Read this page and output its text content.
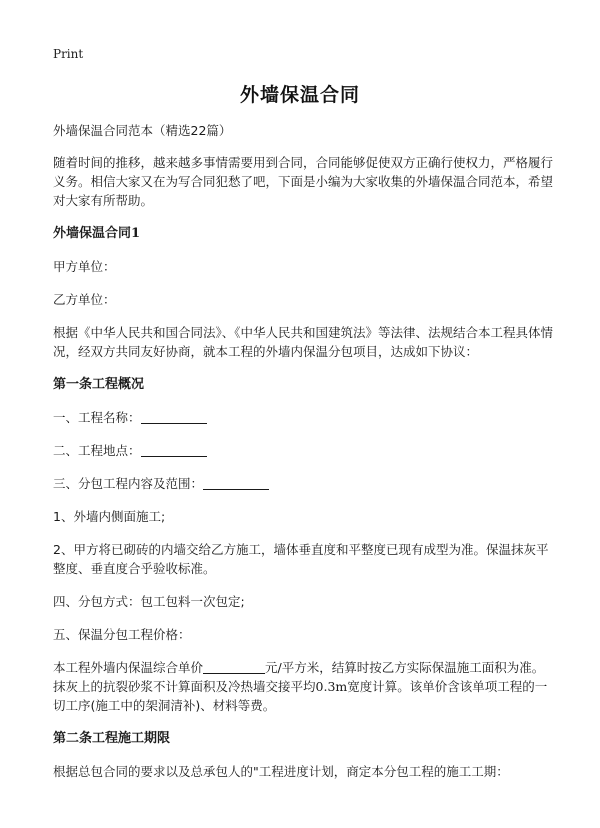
Print
外墙保温合同

外墙保温合同范本（精选22篇）

随着时间的推移，越来越多事情需要用到合同，合同能够促使双方正确行使权力，严格履行义务。相信大家又在为写合同犯愁了吧，下面是小编为大家收集的外墙保温合同范本，希望对大家有所帮助。

外墙保温合同1

甲方单位：

乙方单位：

根据《中华人民共和国合同法》、《中华人民共和国建筑法》等法律、法规结合本工程具体情况，经双方共同友好协商，就本工程的外墙内保温分包项目，达成如下协议：

第一条工程概况

一、工程名称：

二、工程地点：

三、分包工程内容及范围：

1、外墙内侧面施工;

2、甲方将已砌砖的内墙交给乙方施工，墙体垂直度和平整度已现有成型为准。保温抹灰平整度、垂直度合乎验收标准。

四、分包方式：包工包料一次包定;

五、保温分包工程价格：

本工程外墙内保温综合单价	元/平方米，结算时按乙方实际保温施工面积为准。抹灰上的抗裂砂浆不计算面积及冷热墙交接平均0.3m宽度计算。该单价含该单项工程的一切工序(施工中的架洞清补)、材料等费。

第二条工程施工期限

根据总包合同的要求以及总承包人的"工程进度计划，商定本分包工程的施工工期：
